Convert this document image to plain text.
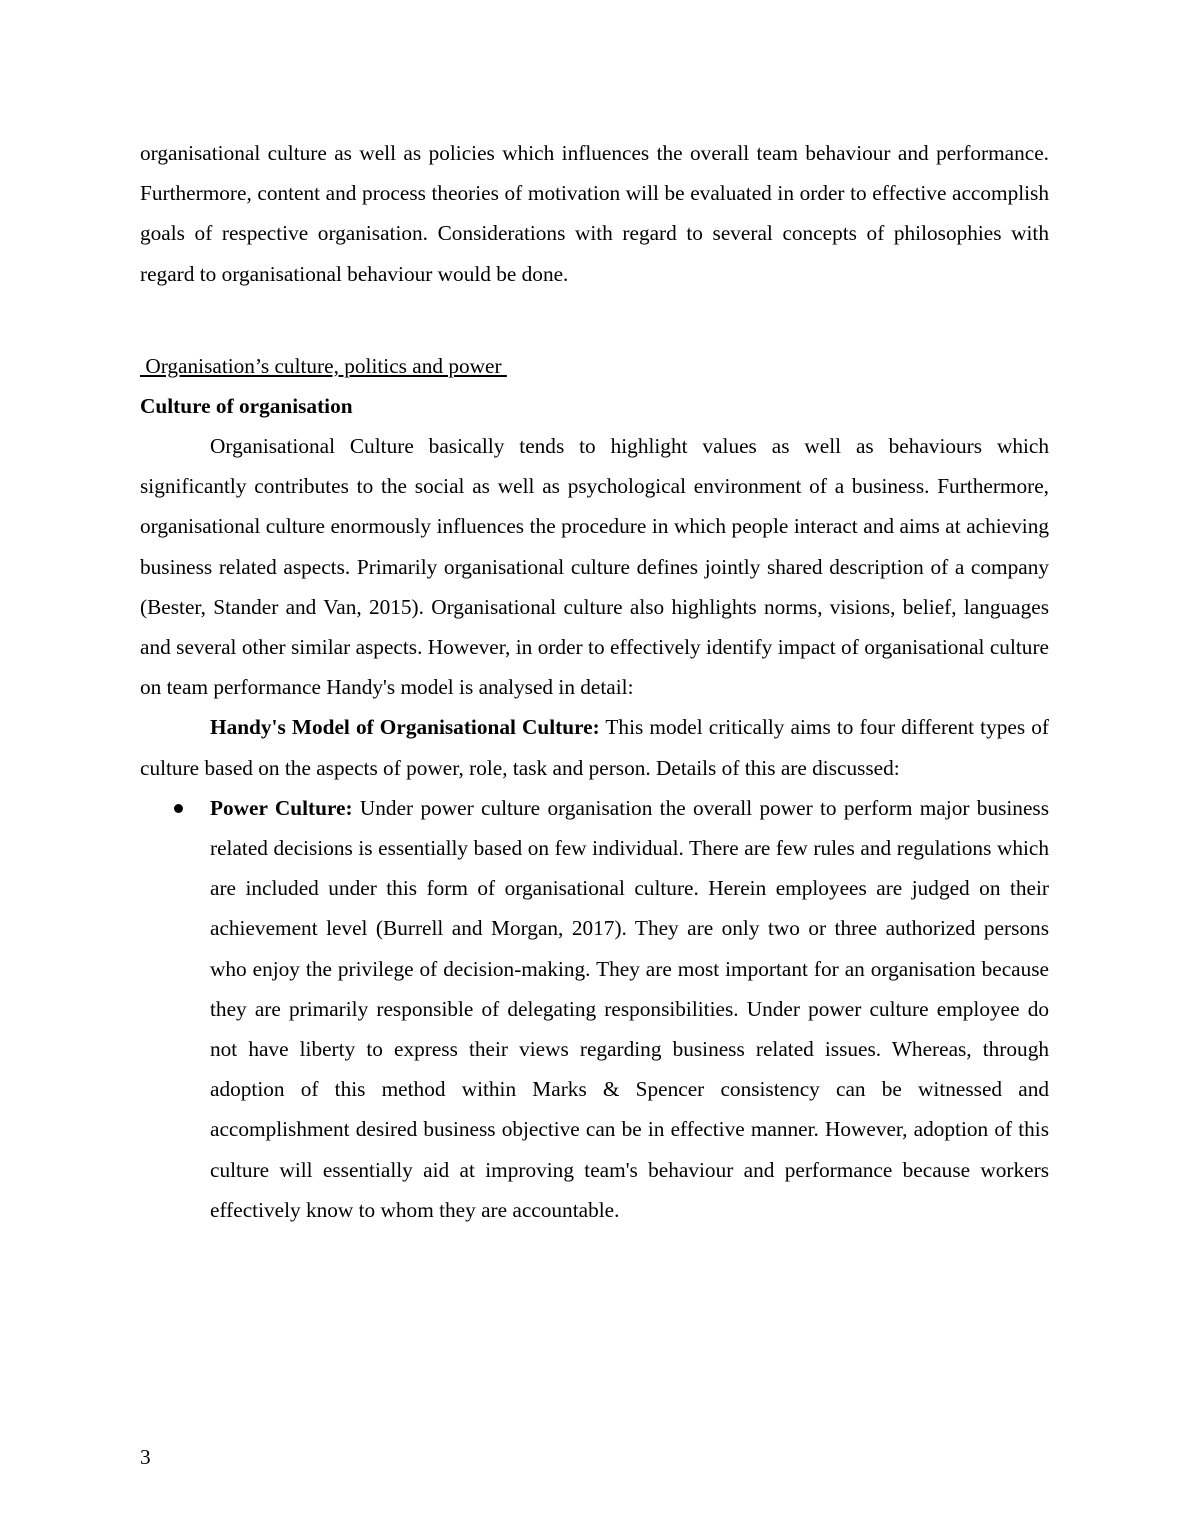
organisational culture as well as policies which influences the overall team behaviour and performance. Furthermore, content and process theories of motivation will be evaluated in order to effective accomplish goals of respective organisation. Considerations with regard to several concepts of philosophies with regard to organisational behaviour would be done.

Organisation’s culture, politics and power
Culture of organisation

Organisational Culture basically tends to highlight values as well as behaviours which significantly contributes to the social as well as psychological environment of a business. Furthermore, organisational culture enormously influences the procedure in which people interact and aims at achieving business related aspects. Primarily organisational culture defines jointly shared description of a company (Bester, Stander and Van, 2015). Organisational culture also highlights norms, visions, belief, languages and several other similar aspects. However, in order to effectively identify impact of organisational culture on team performance Handy's model is analysed in detail:

Handy's Model of Organisational Culture: This model critically aims to four different types of culture based on the aspects of power, role, task and person. Details of this are discussed:

Power Culture: Under power culture organisation the overall power to perform major business related decisions is essentially based on few individual. There are few rules and regulations which are included under this form of organisational culture. Herein employees are judged on their achievement level (Burrell and Morgan, 2017). They are only two or three authorized persons who enjoy the privilege of decision-making. They are most important for an organisation because they are primarily responsible of delegating responsibilities. Under power culture employee do not have liberty to express their views regarding business related issues. Whereas, through adoption of this method within Marks & Spencer consistency can be witnessed and accomplishment desired business objective can be in effective manner. However, adoption of this culture will essentially aid at improving team's behaviour and performance because workers effectively know to whom they are accountable.
3
